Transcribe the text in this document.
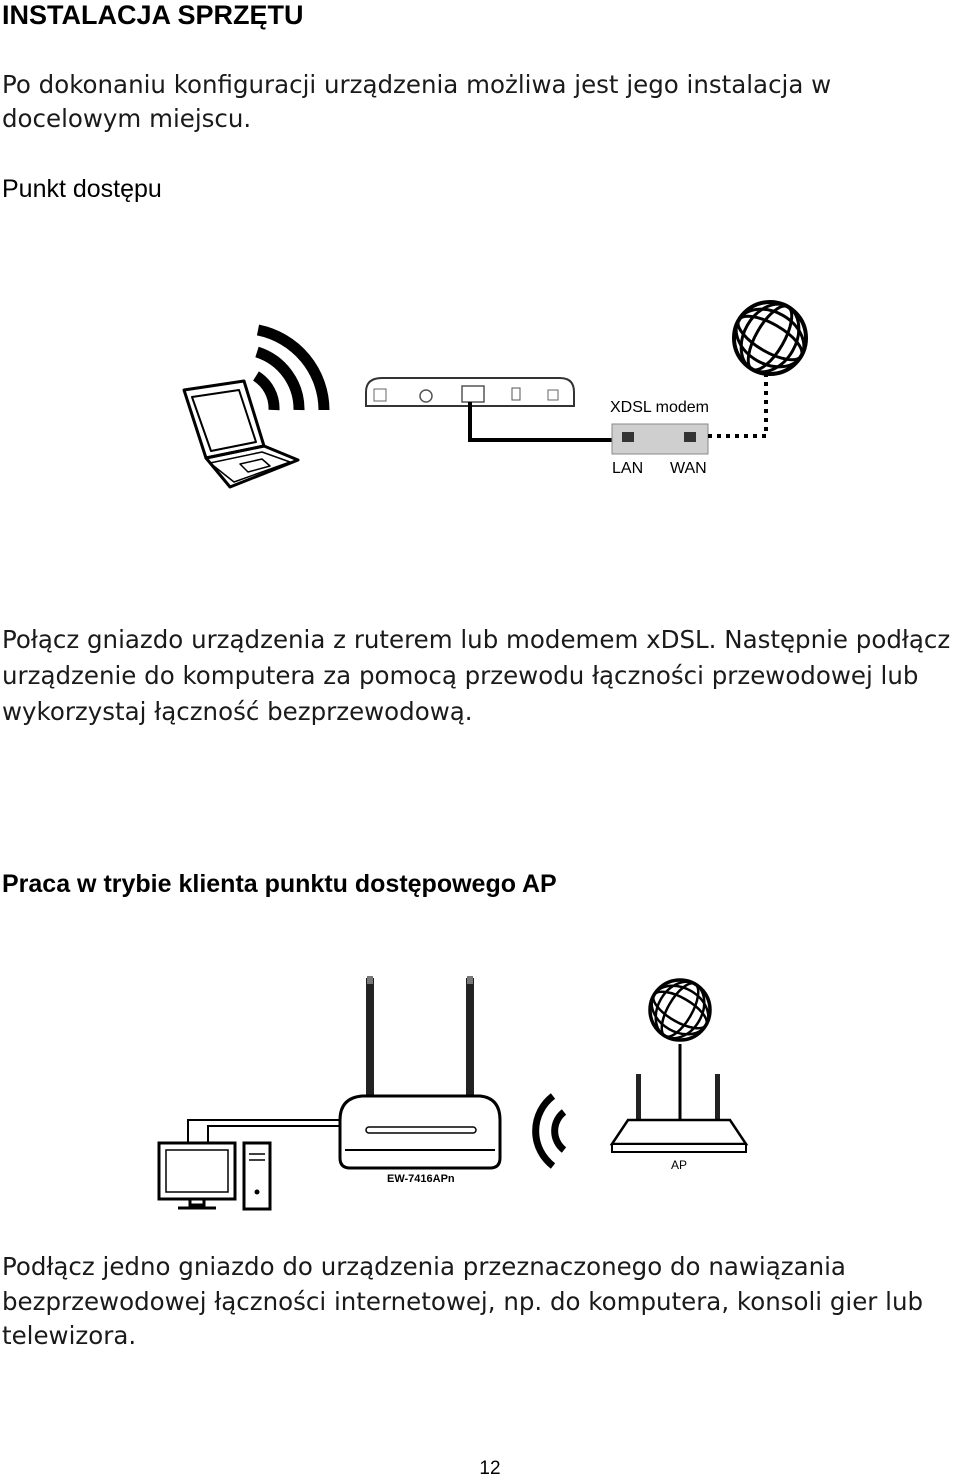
INSTALACJA SPRZĘTU
Po dokonaniu konfiguracji urządzenia możliwa jest jego instalacja w
docelowym miejscu.
Punkt dostępu
XDSL modem
LAN WAN
Połącz gniazdo urządzenia z ruterem lub modemem xDSL. Następnie podłącz
urządzenie do komputera za pomocą przewodu łączności przewodowej lub
wykorzystaj łączność bezprzewodową.
Praca w trybie klienta punktu dostępowego AP
EW-7416APn
AP
Podłącz jedno gniazdo do urządzenia przeznaczonego do nawiązania
bezprzewodowej łączności internetowej, np. do komputera, konsoli gier lub
telewizora.
12
